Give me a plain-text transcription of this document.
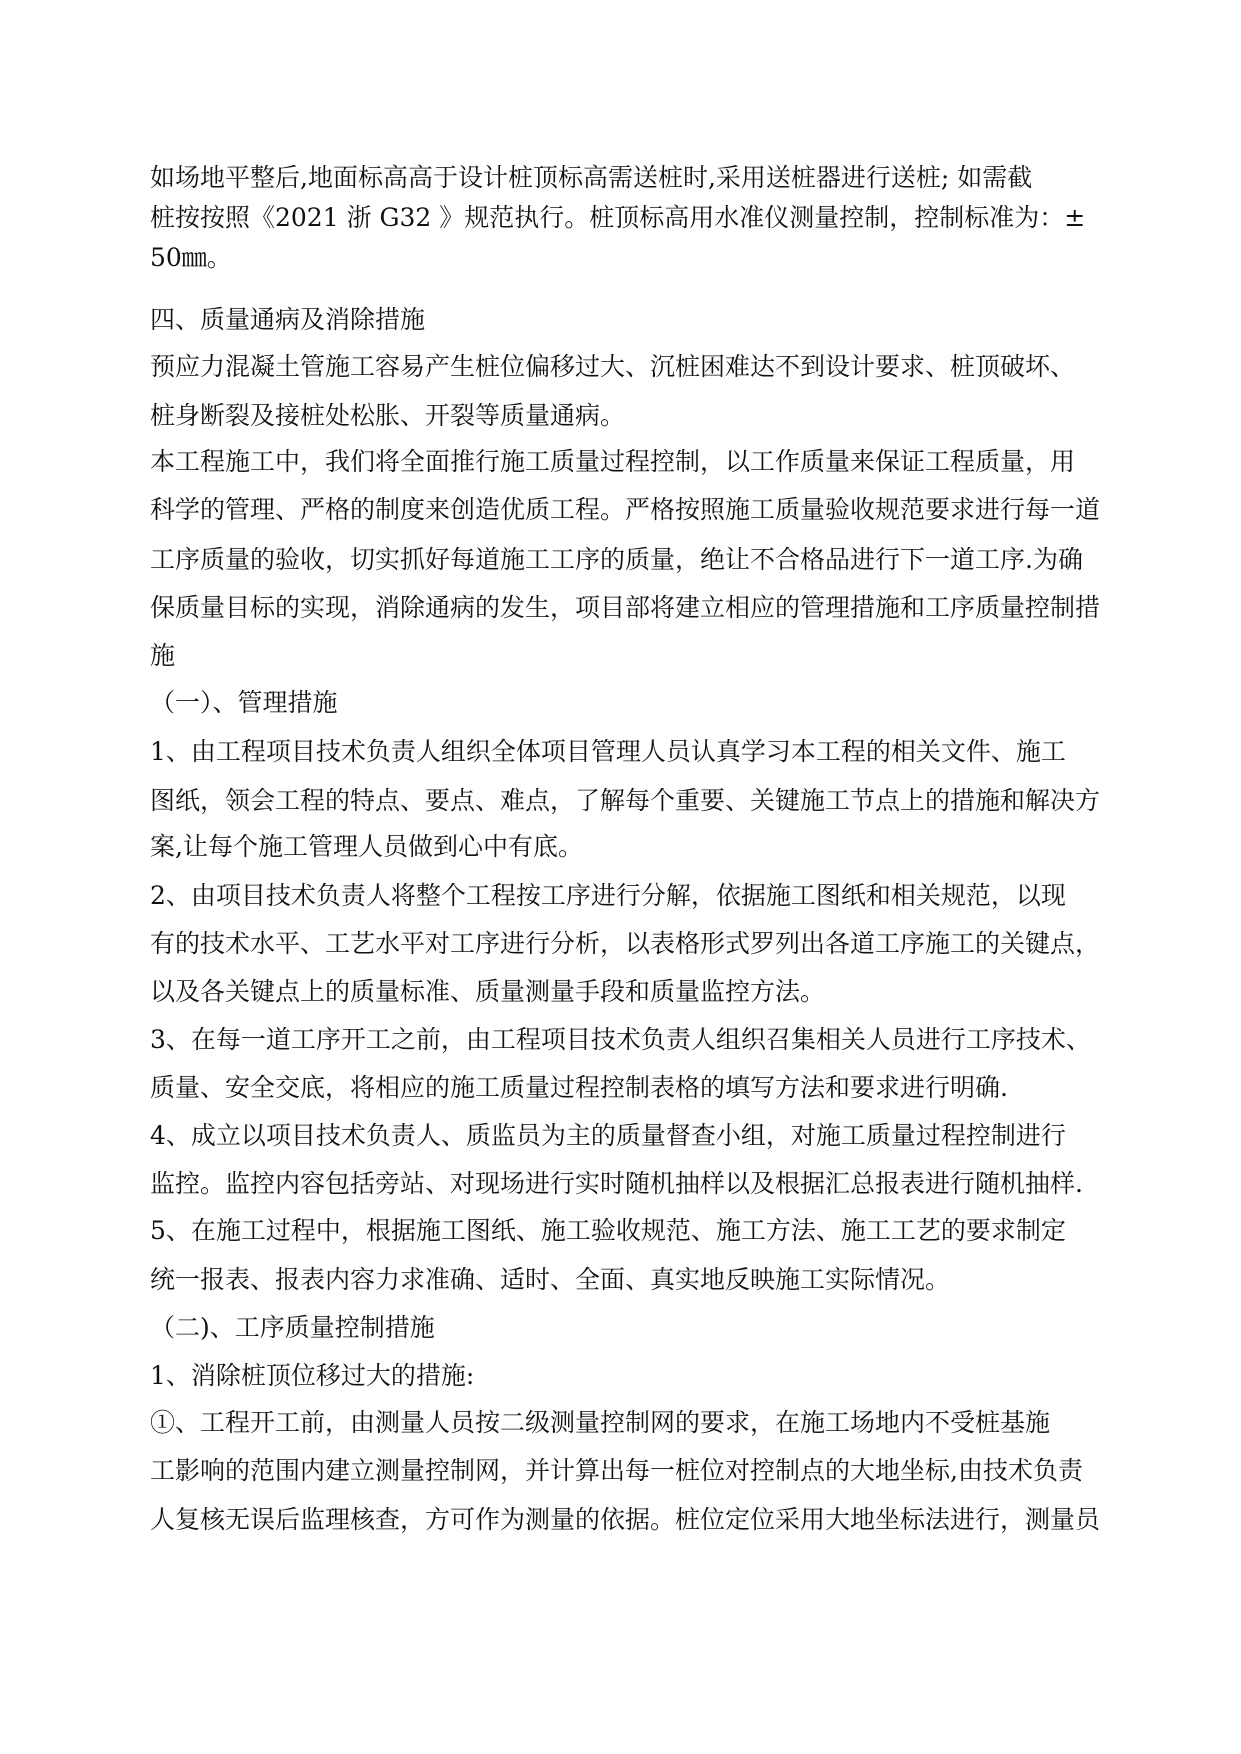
如场地平整后,地面标高高于设计桩顶标高需送桩时,采用送桩器进行送桩; 如需截
桩按按照《2021 浙 G32 》规范执行。桩顶标高用水准仪测量控制，控制标准为：±
50㎜。
四、质量通病及消除措施
预应力混凝土管施工容易产生桩位偏移过大、沉桩困难达不到设计要求、桩顶破坏、
桩身断裂及接桩处松胀、开裂等质量通病。
本工程施工中，我们将全面推行施工质量过程控制，以工作质量来保证工程质量，用
科学的管理、严格的制度来创造优质工程。严格按照施工质量验收规范要求进行每一道
工序质量的验收，切实抓好每道施工工序的质量，绝让不合格品进行下一道工序.为确
保质量目标的实现，消除通病的发生，项目部将建立相应的管理措施和工序质量控制措
施
（一）、管理措施
1、由工程项目技术负责人组织全体项目管理人员认真学习本工程的相关文件、施工
图纸，领会工程的特点、要点、难点，了解每个重要、关键施工节点上的措施和解决方
案,让每个施工管理人员做到心中有底。
2、由项目技术负责人将整个工程按工序进行分解，依据施工图纸和相关规范，以现
有的技术水平、工艺水平对工序进行分析，以表格形式罗列出各道工序施工的关键点，
以及各关键点上的质量标准、质量测量手段和质量监控方法。
3、在每一道工序开工之前，由工程项目技术负责人组织召集相关人员进行工序技术、
质量、安全交底，将相应的施工质量过程控制表格的填写方法和要求进行明确.
4、成立以项目技术负责人、质监员为主的质量督查小组，对施工质量过程控制进行
监控。监控内容包括旁站、对现场进行实时随机抽样以及根据汇总报表进行随机抽样.
5、在施工过程中，根据施工图纸、施工验收规范、施工方法、施工工艺的要求制定
统一报表、报表内容力求准确、适时、全面、真实地反映施工实际情况。
（二)、工序质量控制措施
1、消除桩顶位移过大的措施:
①、工程开工前，由测量人员按二级测量控制网的要求，在施工场地内不受桩基施
工影响的范围内建立测量控制网，并计算出每一桩位对控制点的大地坐标,由技术负责
人复核无误后监理核查，方可作为测量的依据。桩位定位采用大地坐标法进行，测量员
